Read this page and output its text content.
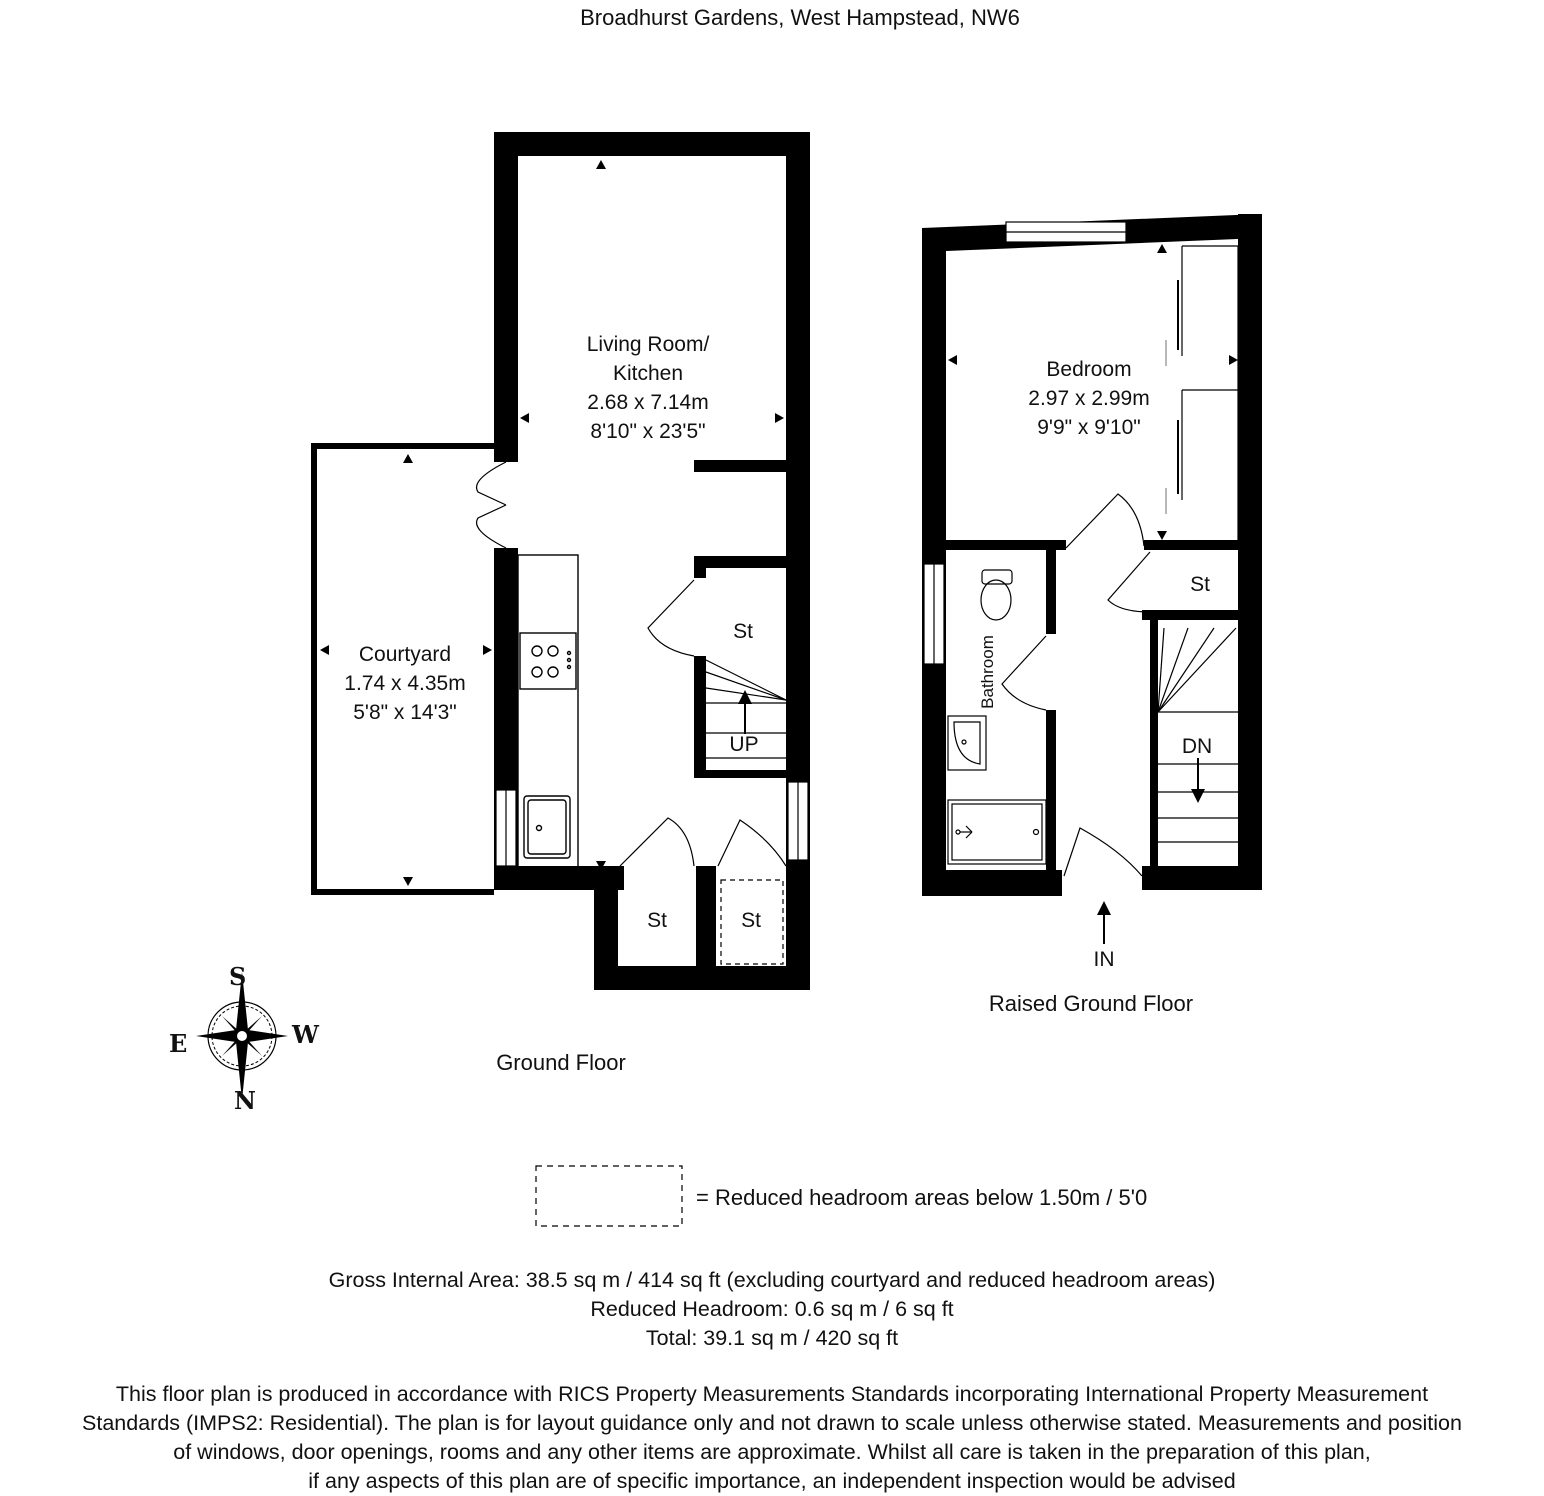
Broadhurst Gardens, West Hampstead, NW6
Living Room/
Kitchen
2.68 x 7.14m
8'10" x 23'5"
Courtyard
1.74 x 4.35m
5'8" x 14'3"
St
UP
St	St
Ground Floor
Bedroom
2.97 x 2.99m
9'9" x 9'10"
Bathroom
St
DN
IN
Raised Ground Floor
S
E	W
N
= Reduced headroom areas below 1.50m / 5'0
Gross Internal Area: 38.5 sq m / 414 sq ft (excluding courtyard and reduced headroom areas)
Reduced Headroom: 0.6 sq m / 6 sq ft
Total: 39.1 sq m / 420 sq ft
This floor plan is produced in accordance with RICS Property Measurements Standards incorporating International Property Measurement
Standards (IMPS2: Residential). The plan is for layout guidance only and not drawn to scale unless otherwise stated. Measurements and position
of windows, door openings, rooms and any other items are approximate. Whilst all care is taken in the preparation of this plan,
if any aspects of this plan are of specific importance, an independent inspection would be advised
